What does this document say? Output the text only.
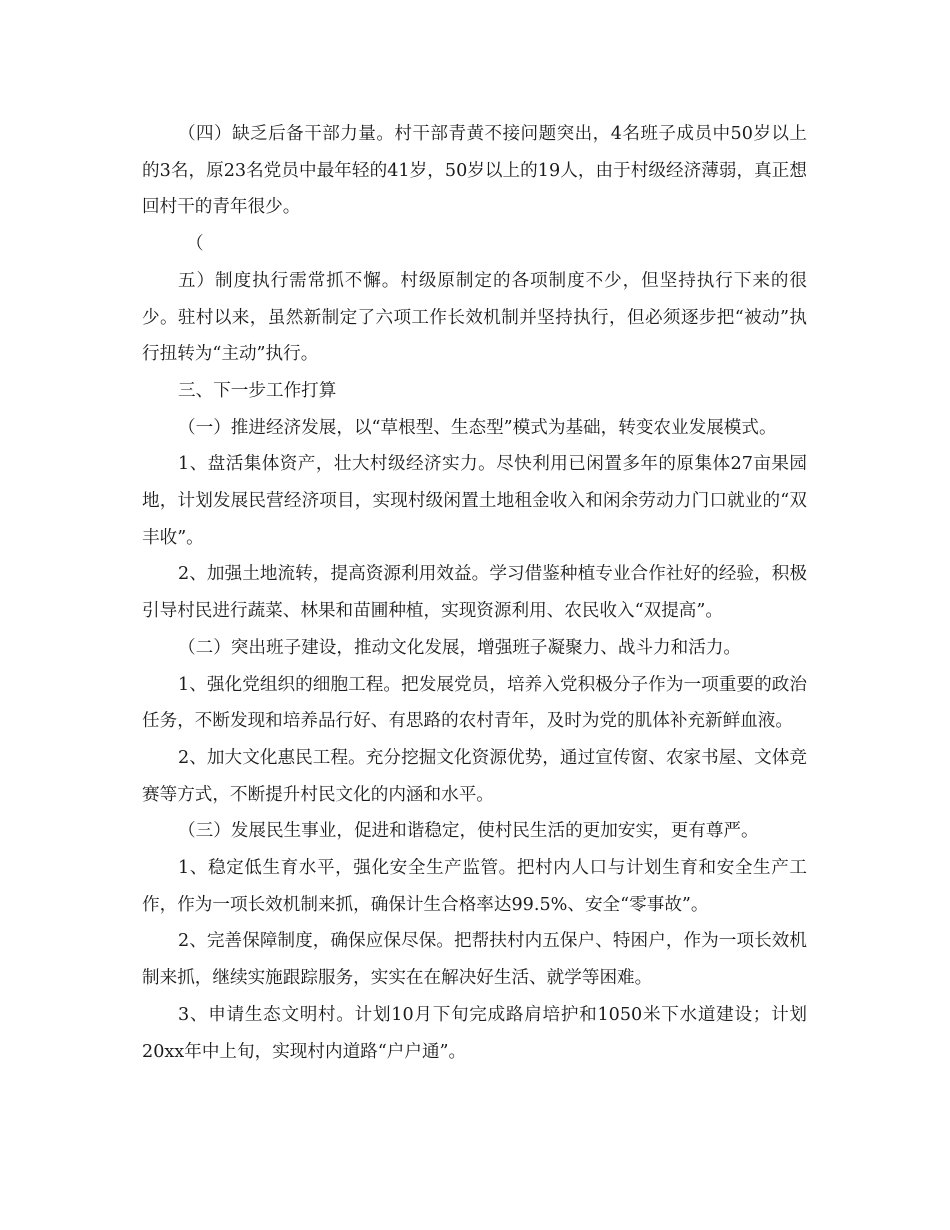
（四）缺乏后备干部力量。村干部青黄不接问题突出，4名班子成员中50岁以上的3名，原23名党员中最年轻的41岁，50岁以上的19人，由于村级经济薄弱，真正想回村干的青年很少。

（

五）制度执行需常抓不懈。村级原制定的各项制度不少，但坚持执行下来的很少。驻村以来，虽然新制定了六项工作长效机制并坚持执行，但必须逐步把“被动”执行扭转为“主动”执行。

三、下一步工作打算

（一）推进经济发展，以“草根型、生态型”模式为基础，转变农业发展模式。

1、盘活集体资产，壮大村级经济实力。尽快利用已闲置多年的原集体27亩果园地，计划发展民营经济项目，实现村级闲置土地租金收入和闲余劳动力门口就业的“双丰收”。

2、加强土地流转，提高资源利用效益。学习借鉴种植专业合作社好的经验，积极引导村民进行蔬菜、林果和苗圃种植，实现资源利用、农民收入“双提高”。

（二）突出班子建设，推动文化发展，增强班子凝聚力、战斗力和活力。

1、强化党组织的细胞工程。把发展党员，培养入党积极分子作为一项重要的政治任务，不断发现和培养品行好、有思路的农村青年，及时为党的肌体补充新鲜血液。

2、加大文化惠民工程。充分挖掘文化资源优势，通过宣传窗、农家书屋、文体竞赛等方式，不断提升村民文化的内涵和水平。

（三）发展民生事业，促进和谐稳定，使村民生活的更加安实，更有尊严。

1、稳定低生育水平，强化安全生产监管。把村内人口与计划生育和安全生产工作，作为一项长效机制来抓，确保计生合格率达99.5%、安全“零事故”。

2、完善保障制度，确保应保尽保。把帮扶村内五保户、特困户，作为一项长效机制来抓，继续实施跟踪服务，实实在在解决好生活、就学等困难。

3、申请生态文明村。计划10月下旬完成路肩培护和1050米下水道建设；计划20xx年中上旬，实现村内道路“户户通”。
